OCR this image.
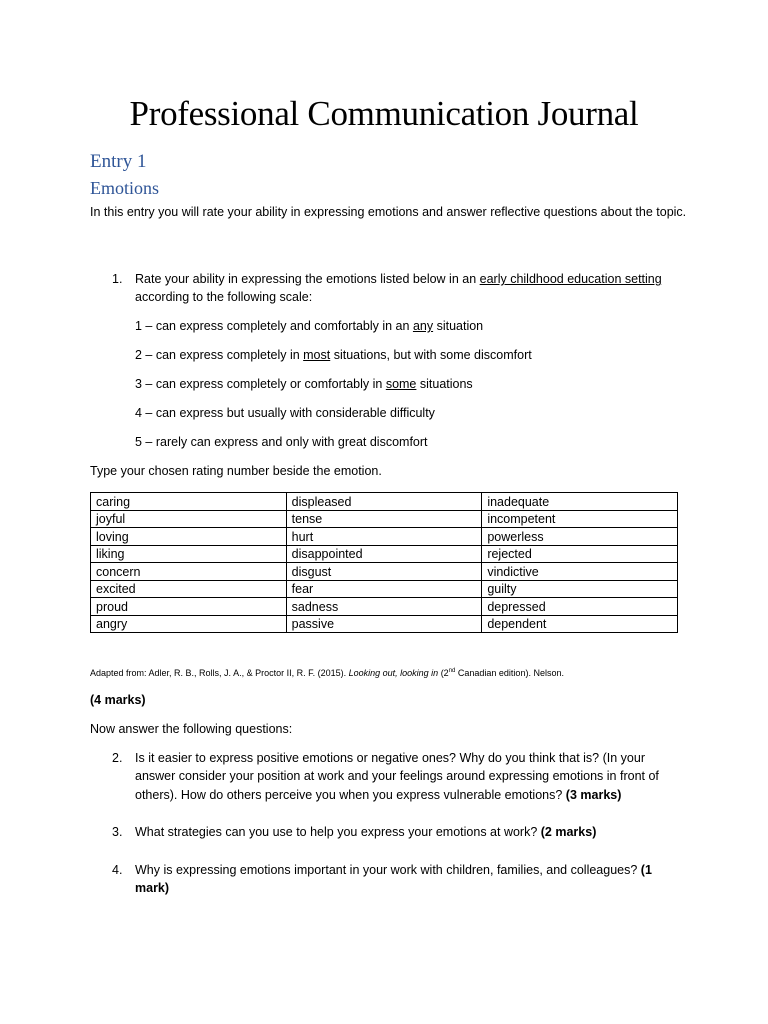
Professional Communication Journal
Entry 1
Emotions
In this entry you will rate your ability in expressing emotions and answer reflective questions about the topic.
1. Rate your ability in expressing the emotions listed below in an early childhood education setting
according to the following scale:
1 – can express completely and comfortably in an any situation
2 – can express completely in most situations, but with some discomfort
3 – can express completely or comfortably in some situations
4 – can express but usually with considerable difficulty
5 – rarely can express and only with great discomfort
Type your chosen rating number beside the emotion.
caring	displeased	inadequate
joyful	tense	incompetent
loving	hurt	powerless
liking	disappointed	rejected
concern	disgust	vindictive
excited	fear	guilty
proud	sadness	depressed
angry	passive	dependent
Adapted from: Adler, R. B., Rolls, J. A., & Proctor II, R. F. (2015). Looking out, looking in (2nd Canadian edition). Nelson.
(4 marks)
Now answer the following questions:
2. Is it easier to express positive emotions or negative ones? Why do you think that is? (In your
answer consider your position at work and your feelings around expressing emotions in front of
others). How do others perceive you when you express vulnerable emotions? (3 marks)
3. What strategies can you use to help you express your emotions at work? (2 marks)
4. Why is expressing emotions important in your work with children, families, and colleagues? (1
mark)
